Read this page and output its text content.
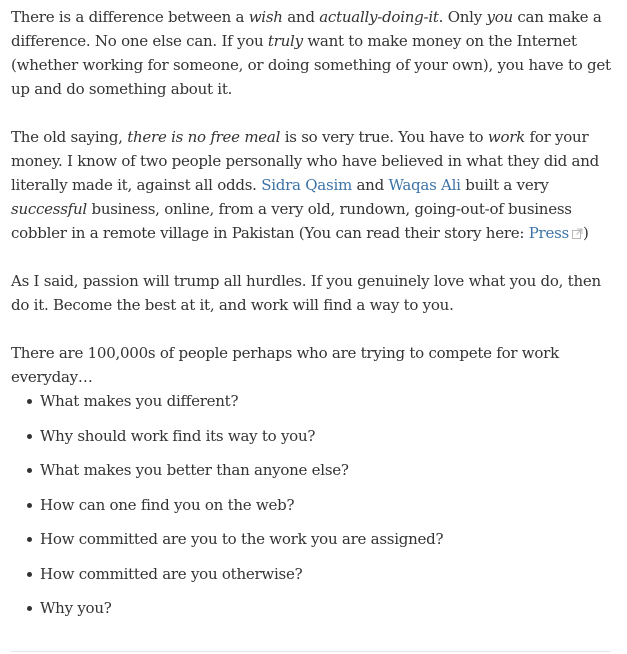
There is a difference between a wish and actually-doing-it. Only you can make a difference. No one else can. If you truly want to make money on the Internet (whether working for someone, or doing something of your own), you have to get up and do something about it.

The old saying, there is no free meal is so very true. You have to work for your money. I know of two people personally who have believed in what they did and literally made it, against all odds. Sidra Qasim and Waqas Ali built a very successful business, online, from a very old, rundown, going-out-of business cobbler in a remote village in Pakistan (You can read their story here: Press )

As I said, passion will trump all hurdles. If you genuinely love what you do, then do it. Become the best at it, and work will find a way to you.

There are 100,000s of people perhaps who are trying to compete for work everyday…

What makes you different?
Why should work find its way to you?
What makes you better than anyone else?
How can one find you on the web?
How committed are you to the work you are assigned?
How committed are you otherwise?
Why you?
